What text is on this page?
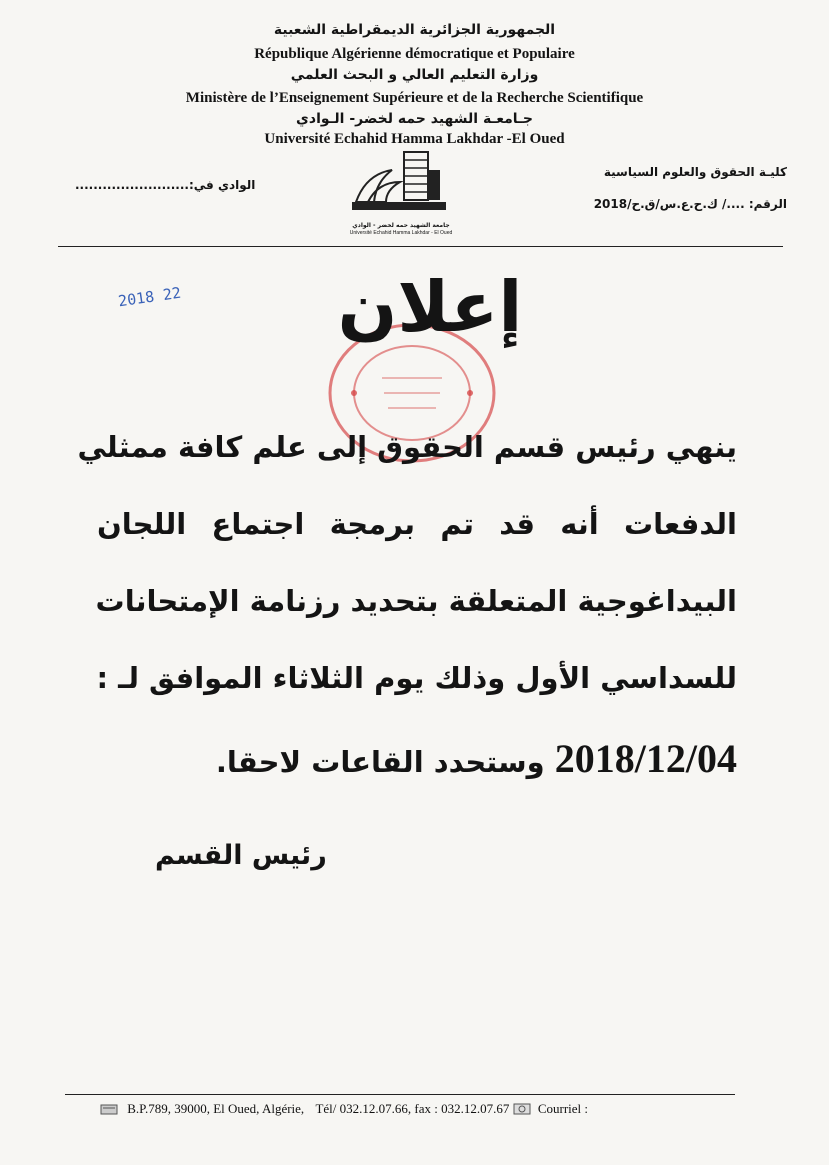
الجمهورية الجزائرية الديمقراطية الشعبية
République Algérienne démocratique et Populaire
وزارة التعليم العالي و البحث العلمي
Ministère de l’Enseignement Supérieure et de la Recherche Scientifique
جـامعـة الشهيد حمه لخضر- الـوادي
Université Echahid Hamma Lakhdar -El Oued
كليـة الحقوق والعلوم السياسية
الرقم: ..../ ك.ح.ع.س/ق.ح/2018
الوادي في:.........................
جامعة الشهيد حمه لخضر - الوادي
Université Echahid Hamma Lakhdar - El Oued
2018 22	إعلان
ينهي رئيس قسم الحقوق إلى علم كافة ممثلي
الدفعات أنه قد تم برمجة اجتماع اللجان
البيداغوجية المتعلقة بتحديد رزنامة الإمتحانات
للسداسي الأول وذلك يوم الثلاثاء الموافق لـ :
2018/12/04 وستحدد القاعات لاحقا.
رئيس القسم
B.P.789, 39000, El Oued, Algérie, Tél/ 032.12.07.66, fax : 032.12.07.67 Courriel :
